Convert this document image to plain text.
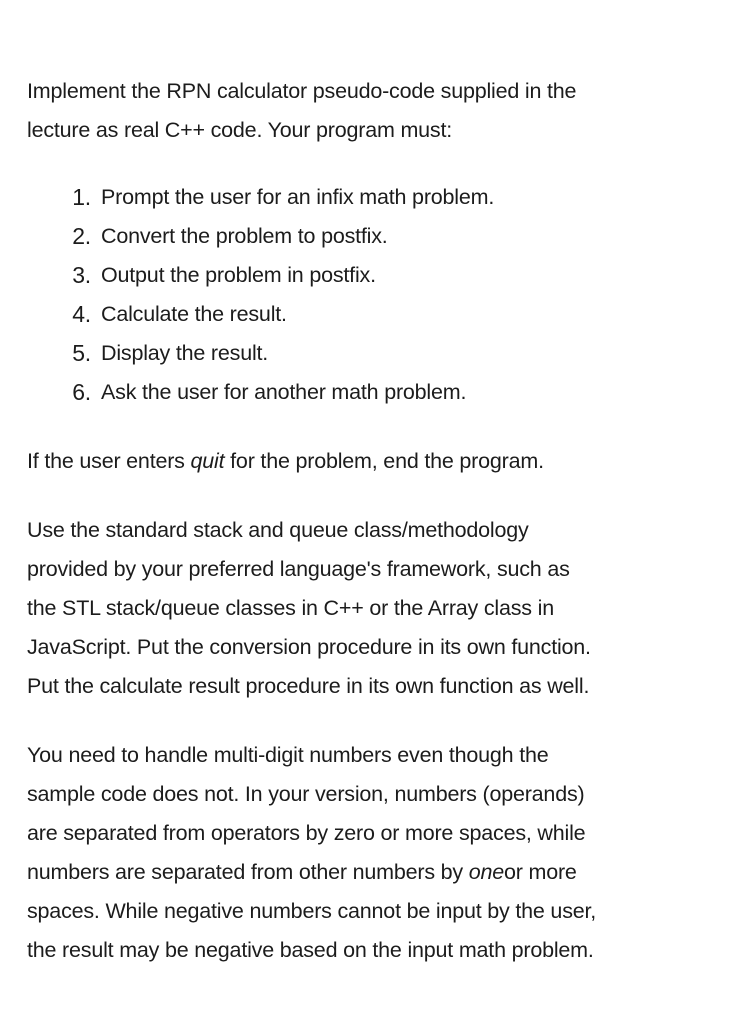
Implement the RPN calculator pseudo-code supplied in the
lecture as real C++ code. Your program must:

1. Prompt the user for an infix math problem.
2. Convert the problem to postfix.
3. Output the problem in postfix.
4. Calculate the result.
5. Display the result.
6. Ask the user for another math problem.

If the user enters quit for the problem, end the program.

Use the standard stack and queue class/methodology
provided by your preferred language's framework, such as
the STL stack/queue classes in C++ or the Array class in
JavaScript. Put the conversion procedure in its own function.
Put the calculate result procedure in its own function as well.

You need to handle multi-digit numbers even though the
sample code does not. In your version, numbers (operands)
are separated from operators by zero or more spaces, while
numbers are separated from other numbers by oneor more
spaces. While negative numbers cannot be input by the user,
the result may be negative based on the input math problem.
